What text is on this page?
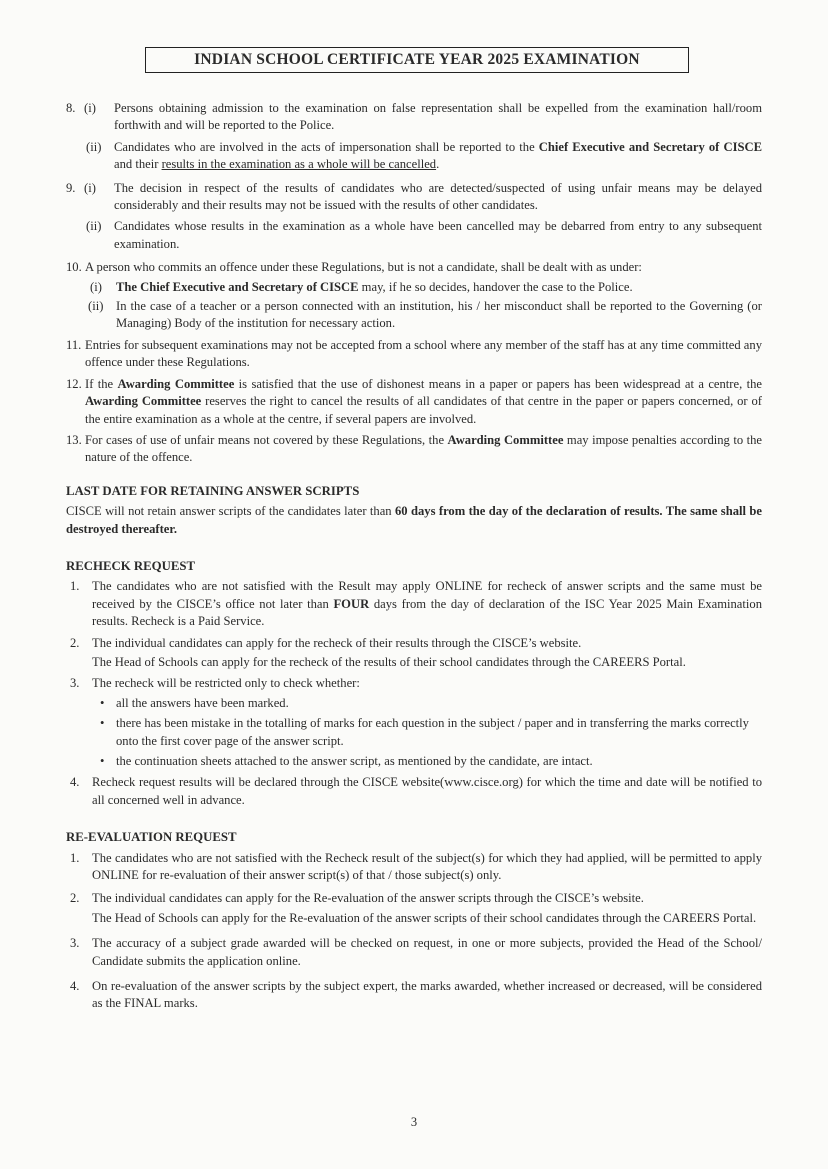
INDIAN SCHOOL CERTIFICATE YEAR 2025 EXAMINATION
8. (i) Persons obtaining admission to the examination on false representation shall be expelled from the examination hall/room forthwith and will be reported to the Police.
(ii) Candidates who are involved in the acts of impersonation shall be reported to the Chief Executive and Secretary of CISCE and their results in the examination as a whole will be cancelled.
9. (i) The decision in respect of the results of candidates who are detected/suspected of using unfair means may be delayed considerably and their results may not be issued with the results of other candidates.
(ii) Candidates whose results in the examination as a whole have been cancelled may be debarred from entry to any subsequent examination.
10. A person who commits an offence under these Regulations, but is not a candidate, shall be dealt with as under:
(i) The Chief Executive and Secretary of CISCE may, if he so decides, handover the case to the Police.
(ii) In the case of a teacher or a person connected with an institution, his / her misconduct shall be reported to the Governing (or Managing) Body of the institution for necessary action.
11. Entries for subsequent examinations may not be accepted from a school where any member of the staff has at any time committed any offence under these Regulations.
12. If the Awarding Committee is satisfied that the use of dishonest means in a paper or papers has been widespread at a centre, the Awarding Committee reserves the right to cancel the results of all candidates of that centre in the paper or papers concerned, or of the entire examination as a whole at the centre, if several papers are involved.
13. For cases of use of unfair means not covered by these Regulations, the Awarding Committee may impose penalties according to the nature of the offence.
LAST DATE FOR RETAINING ANSWER SCRIPTS
CISCE will not retain answer scripts of the candidates later than 60 days from the day of the declaration of results. The same shall be destroyed thereafter.
RECHECK REQUEST
1. The candidates who are not satisfied with the Result may apply ONLINE for recheck of answer scripts and the same must be received by the CISCE’s office not later than FOUR days from the day of declaration of the ISC Year 2025 Main Examination results. Recheck is a Paid Service.
2. The individual candidates can apply for the recheck of their results through the CISCE’s website.
The Head of Schools can apply for the recheck of the results of their school candidates through the CAREERS Portal.
3. The recheck will be restricted only to check whether:
• all the answers have been marked.
• there has been mistake in the totalling of marks for each question in the subject / paper and in transferring the marks correctly onto the first cover page of the answer script.
• the continuation sheets attached to the answer script, as mentioned by the candidate, are intact.
4. Recheck request results will be declared through the CISCE website(www.cisce.org) for which the time and date will be notified to all concerned well in advance.
RE-EVALUATION REQUEST
1. The candidates who are not satisfied with the Recheck result of the subject(s) for which they had applied, will be permitted to apply ONLINE for re-evaluation of their answer script(s) of that / those subject(s) only.
2. The individual candidates can apply for the Re-evaluation of the answer scripts through the CISCE’s website.
The Head of Schools can apply for the Re-evaluation of the answer scripts of their school candidates through the CAREERS Portal.
3. The accuracy of a subject grade awarded will be checked on request, in one or more subjects, provided the Head of the School/ Candidate submits the application online.
4. On re-evaluation of the answer scripts by the subject expert, the marks awarded, whether increased or decreased, will be considered as the FINAL marks.
3
